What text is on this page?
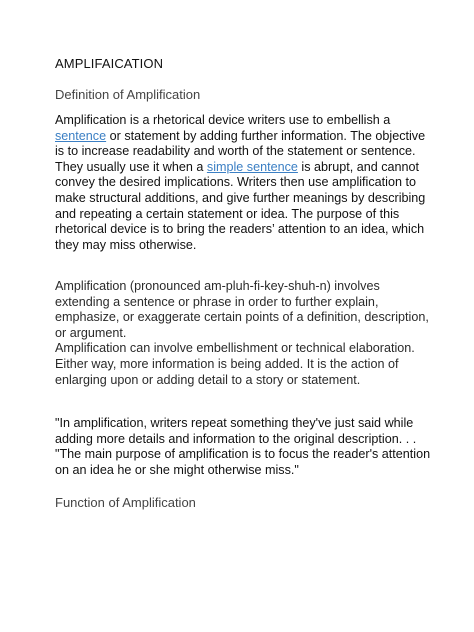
AMPLIFAICATION

Definition of Amplification

Amplification is a rhetorical device writers use to embellish a sentence or statement by adding further information. The objective is to increase readability and worth of the statement or sentence. They usually use it when a simple sentence is abrupt, and cannot convey the desired implications. Writers then use amplification to make structural additions, and give further meanings by describing and repeating a certain statement or idea. The purpose of this rhetorical device is to bring the readers’ attention to an idea, which they may miss otherwise.

Amplification (pronounced am-pluh-fi-key-shuh-n) involves extending a sentence or phrase in order to further explain, emphasize, or exaggerate certain points of a definition, description, or argument.
Amplification can involve embellishment or technical elaboration. Either way, more information is being added. It is the action of enlarging upon or adding detail to a story or statement.

"In amplification, writers repeat something they've just said while adding more details and information to the original description. . . "The main purpose of amplification is to focus the reader's attention on an idea he or she might otherwise miss."

Function of Amplification
